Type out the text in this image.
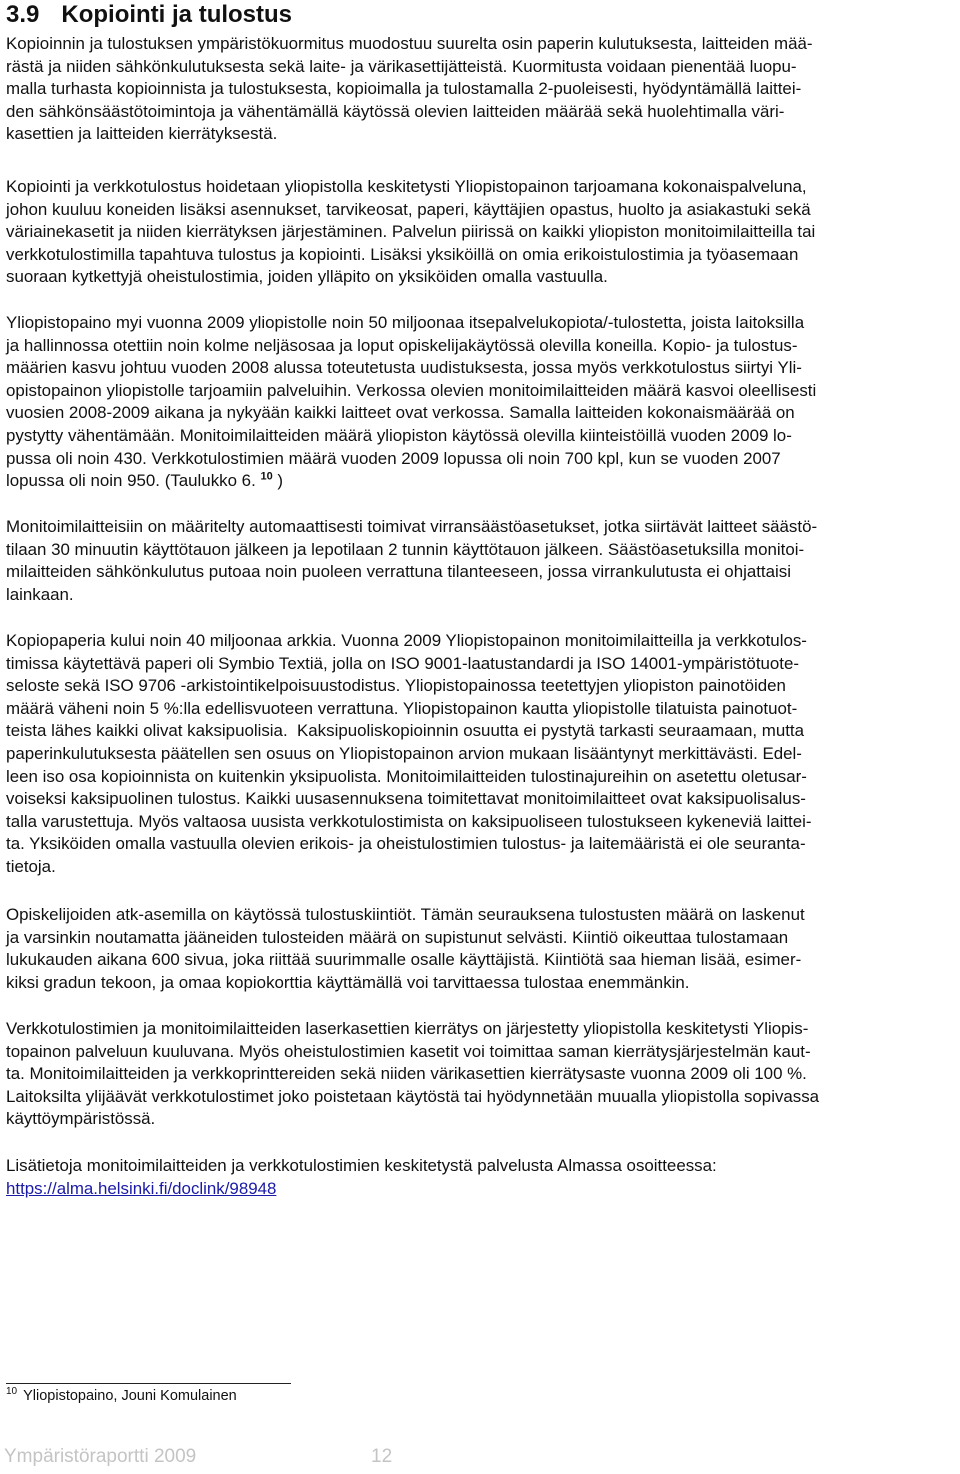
3.9 Kopiointi ja tulostus

Kopioinnin ja tulostuksen ympäristökuormitus muodostuu suurelta osin paperin kulutuksesta, laitteiden mää-
rästä ja niiden sähkönkulutuksesta sekä laite- ja värikasettijätteistä. Kuormitusta voidaan pienentää luopu-
malla turhasta kopioinnista ja tulostuksesta, kopioimalla ja tulostamalla 2-puoleisesti, hyödyntämällä laittei-
den sähkönsäästötoimintoja ja vähentämällä käytössä olevien laitteiden määrää sekä huolehtimalla väri-
kasettien ja laitteiden kierrätyksestä.

Kopiointi ja verkkotulostus hoidetaan yliopistolla keskitetysti Yliopistopainon tarjoamana kokonaispalveluna,
johon kuuluu koneiden lisäksi asennukset, tarvikeosat, paperi, käyttäjien opastus, huolto ja asiakastuki sekä
väriainekasetit ja niiden kierrätyksen järjestäminen. Palvelun piirissä on kaikki yliopiston monitoimilaitteilla tai
verkkotulostimilla tapahtuva tulostus ja kopiointi. Lisäksi yksiköillä on omia erikoistulostimia ja työasemaan
suoraan kytkettyjä oheistulostimia, joiden ylläpito on yksiköiden omalla vastuulla.

Yliopistopaino myi vuonna 2009 yliopistolle noin 50 miljoonaa itsepalvelukopiota/-tulostetta, joista laitoksilla
ja hallinnossa otettiin noin kolme neljäsosaa ja loput opiskelijakäytössä olevilla koneilla. Kopio- ja tulostus-
määrien kasvu johtuu vuoden 2008 alussa toteutetusta uudistuksesta, jossa myös verkkotulostus siirtyi Yli-
opistopainon yliopistolle tarjoamiin palveluihin. Verkossa olevien monitoimilaitteiden määrä kasvoi oleellisesti
vuosien 2008-2009 aikana ja nykyään kaikki laitteet ovat verkossa. Samalla laitteiden kokonaismäärää on
pystytty vähentämään. Monitoimilaitteiden määrä yliopiston käytössä olevilla kiinteistöillä vuoden 2009 lo-
pussa oli noin 430. Verkkotulostimien määrä vuoden 2009 lopussa oli noin 700 kpl, kun se vuoden 2007
lopussa oli noin 950. (Taulukko 6. $^{10}$ )

Monitoimilaitteisiin on määritelty automaattisesti toimivat virransäästöasetukset, jotka siirtävät laitteet säästö-
tilaan 30 minuutin käyttötauon jälkeen ja lepotilaan 2 tunnin käyttötauon jälkeen. Säästöasetuksilla monitoi-
milaitteiden sähkönkulutus putoaa noin puoleen verrattuna tilanteeseen, jossa virrankulutusta ei ohjattaisi
lainkaan.

Kopiopaperia kului noin 40 miljoonaa arkkia. Vuonna 2009 Yliopistopainon monitoimilaitteilla ja verkkotulos-
timissa käytettävä paperi oli Symbio Textiä, jolla on ISO 9001-laatustandardi ja ISO 14001-ympäristötuote-
seloste sekä ISO 9706 -arkistointikelpoisuustodistus. Yliopistopainossa teetettyjen yliopiston painotöiden
määrä väheni noin 5 %:lla edellisvuoteen verrattuna. Yliopistopainon kautta yliopistolle tilatuista painotuot-
teista lähes kaikki olivat kaksipuolisia.  Kaksipuoliskopioinnin osuutta ei pystytä tarkasti seuraamaan, mutta
paperinkulutuksesta päätellen sen osuus on Yliopistopainon arvion mukaan lisääntynyt merkittävästi. Edel-
leen iso osa kopioinnista on kuitenkin yksipuolista. Monitoimilaitteiden tulostinajureihin on asetettu oletusar-
voiseksi kaksipuolinen tulostus. Kaikki uusasennuksena toimitettavat monitoimilaitteet ovat kaksipuolisalus-
talla varustettuja. Myös valtaosa uusista verkkotulostimista on kaksipuoliseen tulostukseen kykeneviä laittei-
ta. Yksiköiden omalla vastuulla olevien erikois- ja oheistulostimien tulostus- ja laitemääristä ei ole seuranta-
tietoja.

Opiskelijoiden atk-asemilla on käytössä tulostuskiintiöt. Tämän seurauksena tulostusten määrä on laskenut
ja varsinkin noutamatta jääneiden tulosteiden määrä on supistunut selvästi. Kiintiö oikeuttaa tulostamaan
lukukauden aikana 600 sivua, joka riittää suurimmalle osalle käyttäjistä. Kiintiötä saa hieman lisää, esimer-
kiksi gradun tekoon, ja omaa kopiokorttia käyttämällä voi tarvittaessa tulostaa enemmänkin.

Verkkotulostimien ja monitoimilaitteiden laserkasettien kierrätys on järjestetty yliopistolla keskitetysti Yliopis-
topainon palveluun kuuluvana. Myös oheistulostimien kasetit voi toimittaa saman kierrätysjärjestelmän kaut-
ta. Monitoimilaitteiden ja verkkoprinttereiden sekä niiden värikasettien kierrätysaste vuonna 2009 oli 100 %.
Laitoksilta ylijäävät verkkotulostimet joko poistetaan käytöstä tai hyödynnetään muualla yliopistolla sopivassa
käyttöympäristössä.

Lisätietoja monitoimilaitteiden ja verkkotulostimien keskitetystä palvelusta Almassa osoitteessa:
https://alma.helsinki.fi/doclink/98948

$^{10}$ Yliopistopaino, Jouni Komulainen

Ympäristöraportti 2009	12
